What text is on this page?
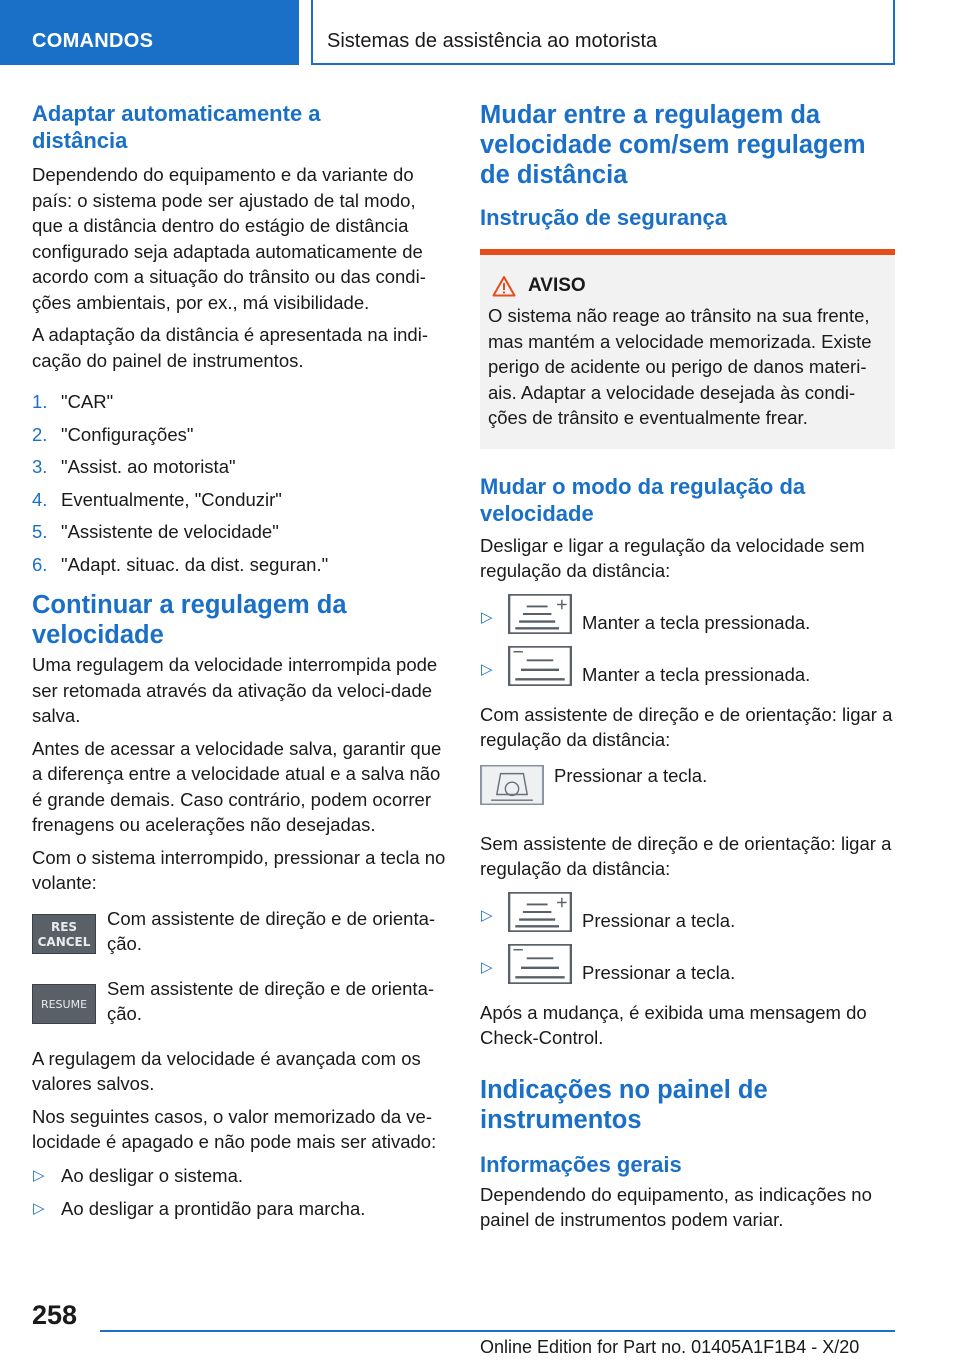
COMANDOS	Sistemas de assistência ao motorista
Adaptar automaticamente a distância
Dependendo do equipamento e da variante do país: o sistema pode ser ajustado de tal modo, que a distância dentro do estágio de distância configurado seja adaptada automaticamente de acordo com a situação do trânsito ou das condi-ções ambientais, por ex., má visibilidade.
A adaptação da distância é apresentada na indi-cação do painel de instrumentos.
1. "CAR"
2. "Configurações"
3. "Assist. ao motorista"
4. Eventualmente, "Conduzir"
5. "Assistente de velocidade"
6. "Adapt. situac. da dist. seguran."
Continuar a regulagem da velocidade
Uma regulagem da velocidade interrompida pode ser retomada através da ativação da veloci-dade salva.
Antes de acessar a velocidade salva, garantir que a diferença entre a velocidade atual e a salva não é grande demais. Caso contrário, podem ocorrer frenagens ou acelerações não desejadas.
Com o sistema interrompido, pressionar a tecla no volante:
RES
CANCEL
Com assistente de direção e de orienta-ção.
RESUME
Sem assistente de direção e de orienta-ção.
A regulagem da velocidade é avançada com os valores salvos.
Nos seguintes casos, o valor memorizado da ve-locidade é apagado e não pode mais ser ativado:
▷ Ao desligar o sistema.
▷ Ao desligar a prontidão para marcha.
Mudar entre a regulagem da velocidade com/sem regulagem de distância
Instrução de segurança
AVISO
O sistema não reage ao trânsito na sua frente, mas mantém a velocidade memorizada. Existe perigo de acidente ou perigo de danos materi-ais. Adaptar a velocidade desejada às condi-ções de trânsito e eventualmente frear.
Mudar o modo da regulação da velocidade
Desligar e ligar a regulação da velocidade sem regulação da distância:
▷	Manter a tecla pressionada.
▷	Manter a tecla pressionada.
Com assistente de direção e de orientação: ligar a regulação da distância:
Pressionar a tecla.
Sem assistente de direção e de orientação: ligar a regulação da distância:
▷	Pressionar a tecla.
▷	Pressionar a tecla.
Após a mudança, é exibida uma mensagem do Check-Control.
Indicações no painel de instrumentos
Informações gerais
Dependendo do equipamento, as indicações no painel de instrumentos podem variar.
258
Online Edition for Part no. 01405A1F1B4 - X/20
